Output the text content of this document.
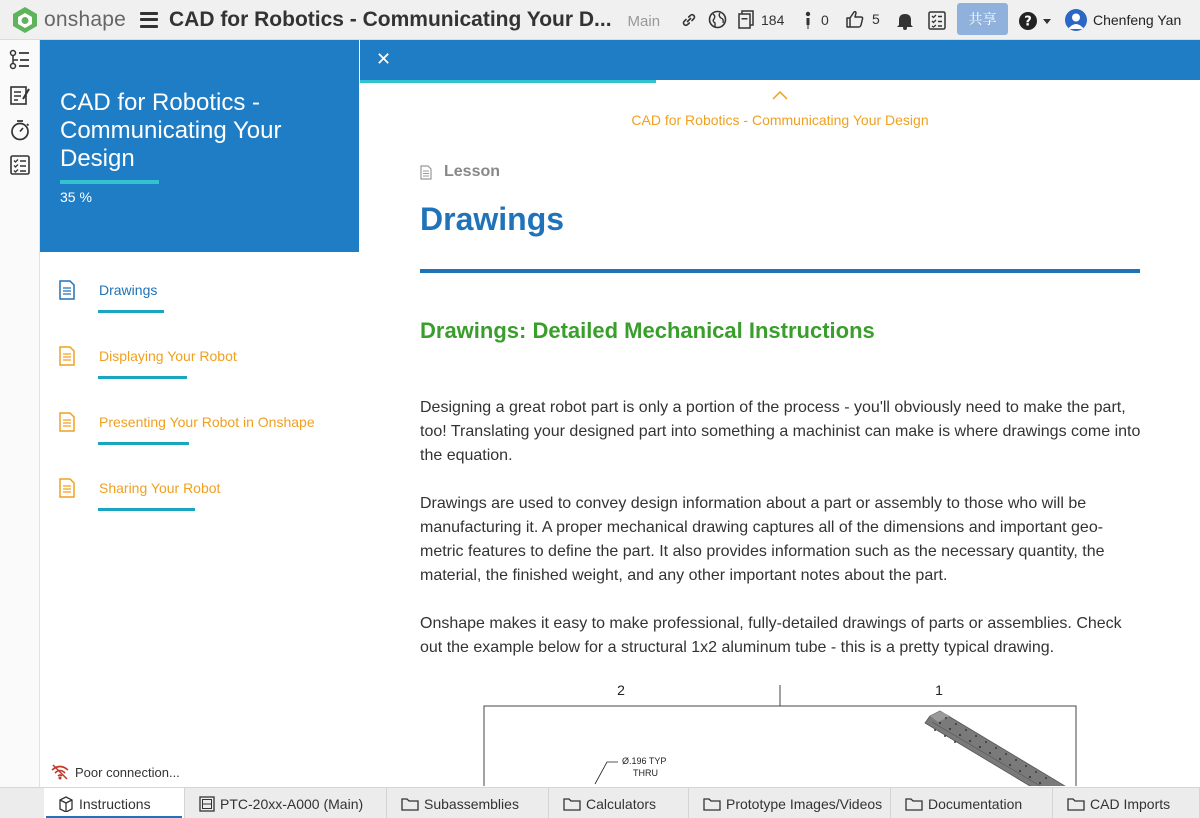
onshape CAD for Robotics - Communicating Your D... Main	184	0	5	共享	?	Chenfeng Yan
CAD for Robotics - Communicating Your Design
35 %
Drawings
Displaying Your Robot
Presenting Your Robot in Onshape
Sharing Your Robot
Poor connection...
✕
CAD for Robotics - Communicating Your Design
Lesson
Drawings
Drawings: Detailed Mechanical Instructions

Designing a great robot part is only a portion of the process - you'll obviously need to make the part, too! Translating your designed part into something a machinist can make is where drawings come into the equation.

Drawings are used to convey design information about a part or assembly to those who will be manufacturing it. A proper mechanical drawing captures all of the dimensions and important geo-metric features to define the part. It also provides information such as the necessary quantity, the material, the finished weight, and any other important notes about the part.

Onshape makes it easy to make professional, fully-detailed drawings of parts or assemblies. Check out the example below for a structural 1x2 aluminum tube - this is a pretty typical drawing.

2	1
Ø.196 TYP
THRU
Instructions	PTC-20xx-A000 (Main)	Subassemblies	Calculators	Prototype Images/Videos	Documentation	CAD Imports
